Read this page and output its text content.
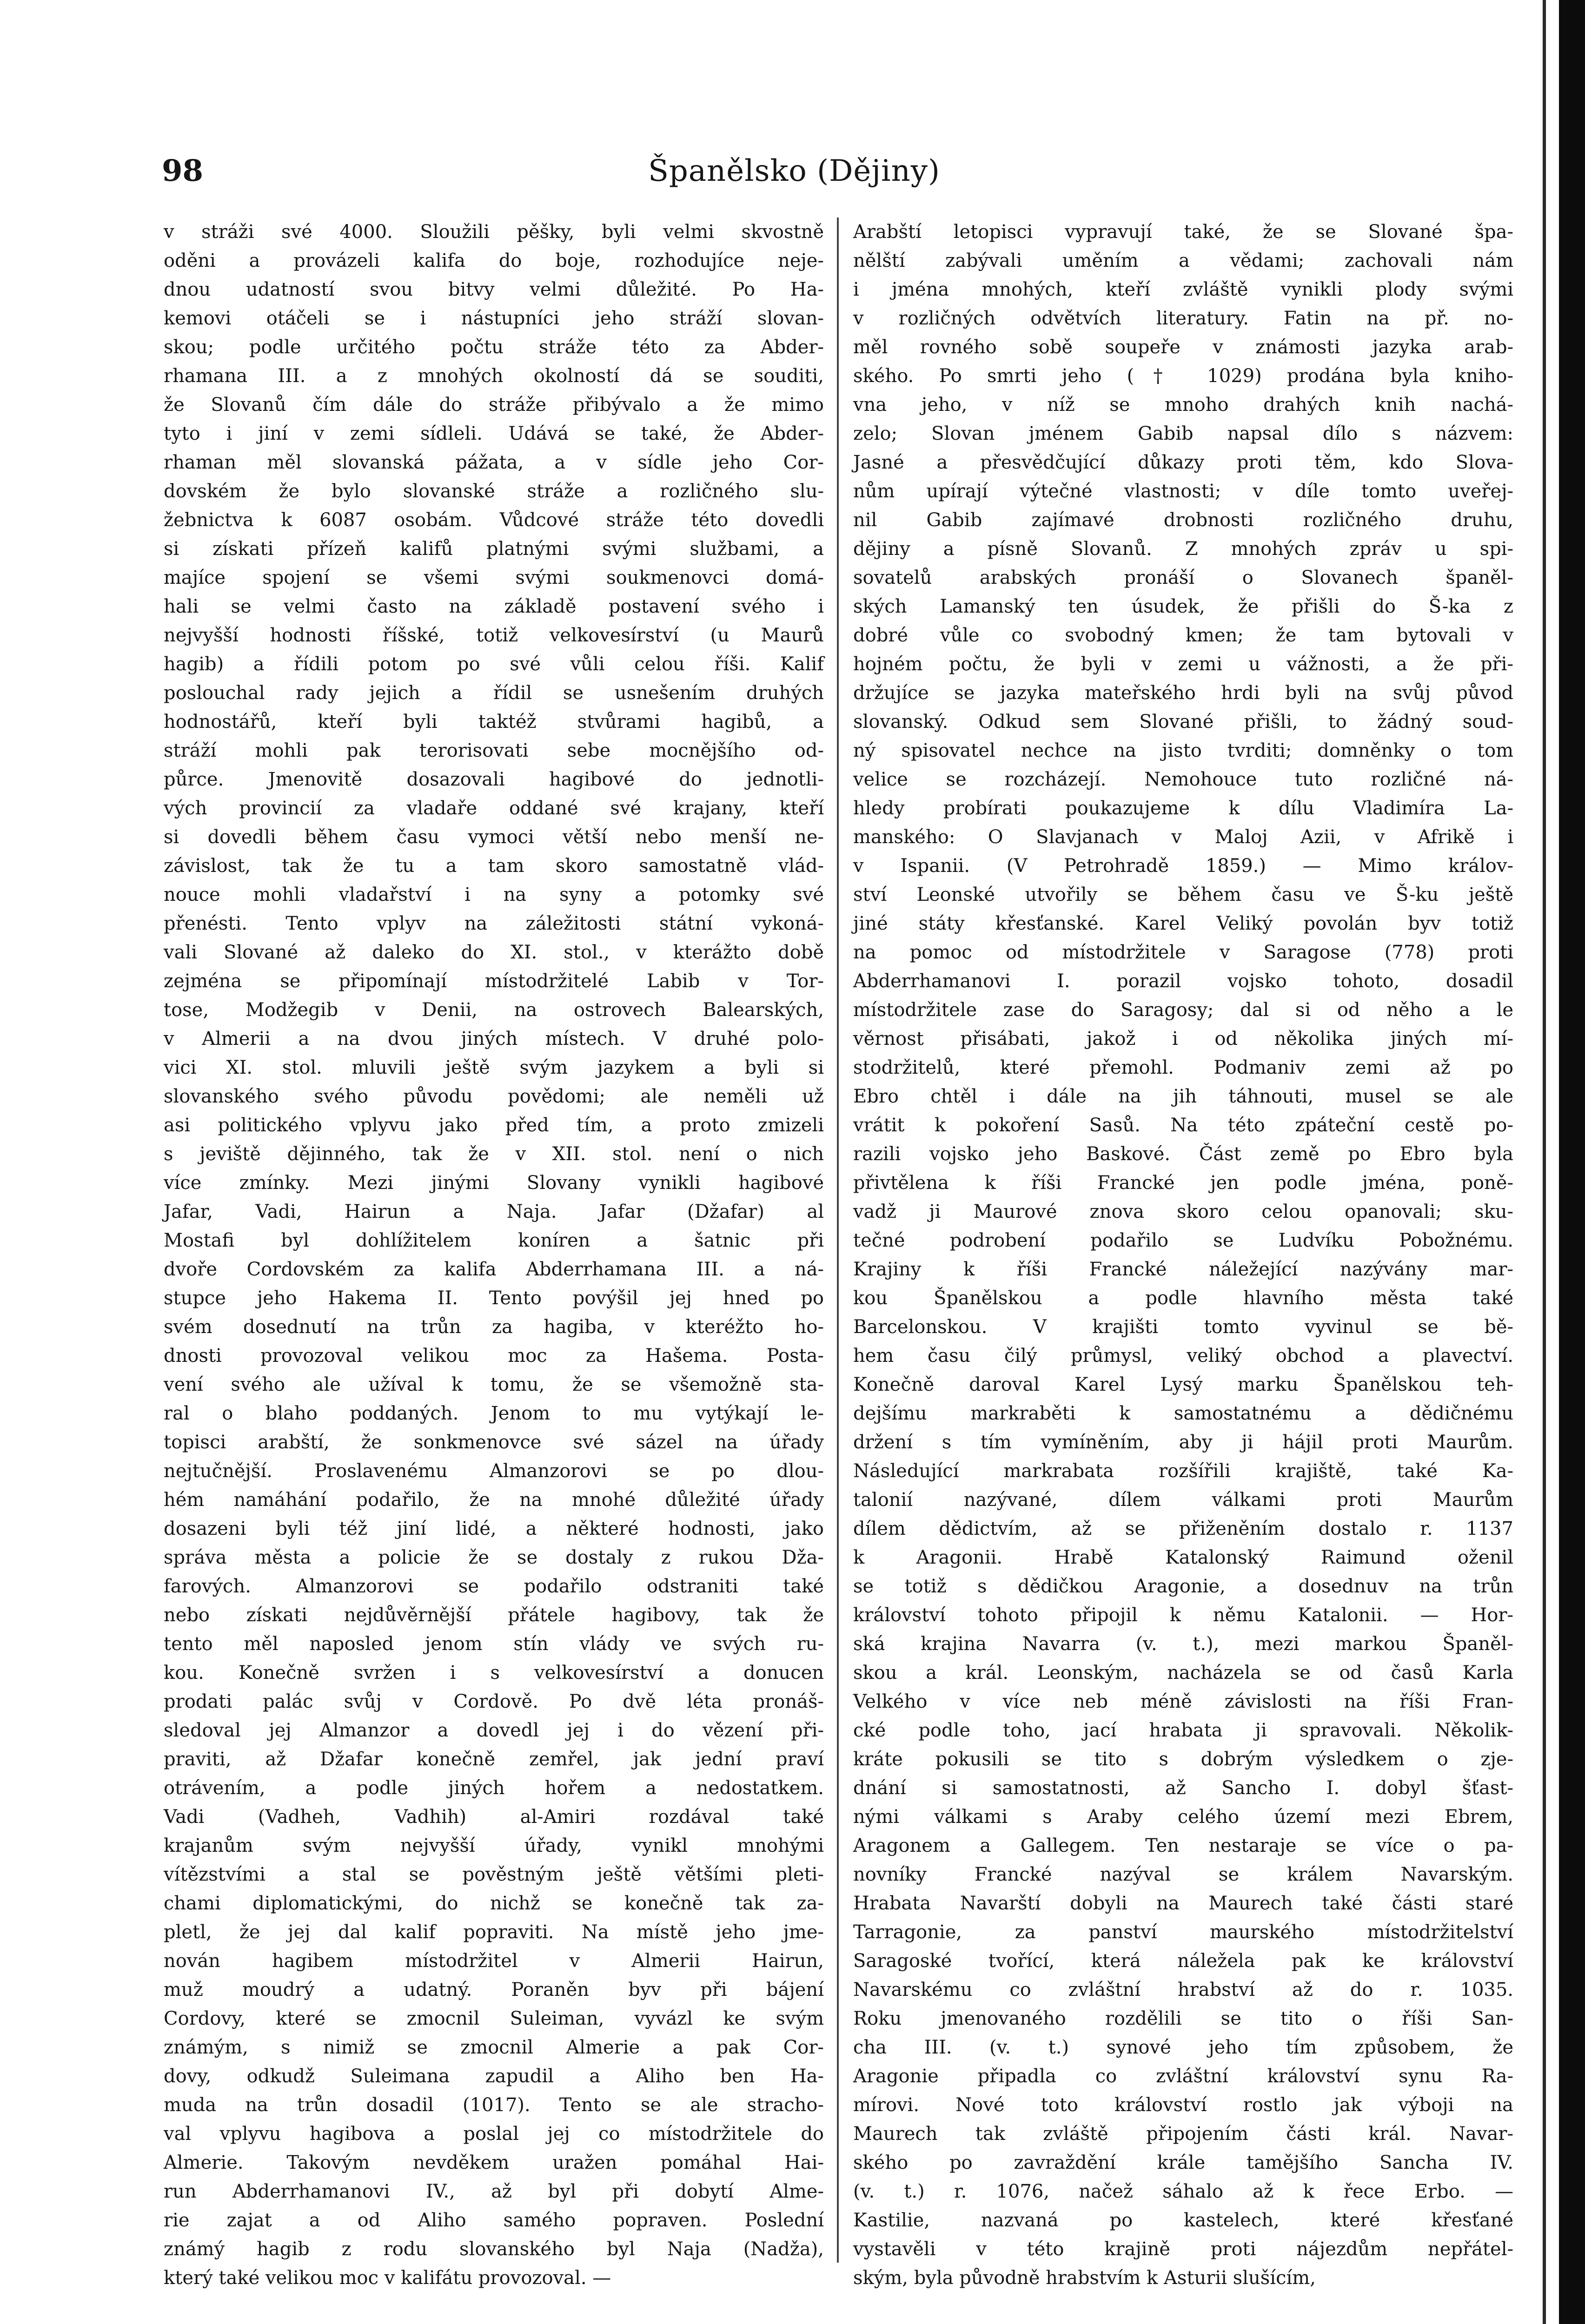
Španělsko (Dějiny)
98
v stráži své 4000. Sloužili pěšky, byli velmi skvostně
oděni a provázeli kalifa do boje, rozhodujíce neje-
dnou udatností svou bitvy velmi důležité. Po Ha-
kemovi otáčeli se i nástupníci jeho stráží slovan-
skou; podle určitého počtu stráže této za Abder-
rhamana III. a z mnohých okolností dá se souditi,
že Slovanů čím dále do stráže přibývalo a že mimo
tyto i jiní v zemi sídleli. Udává se také, že Abder-
rhaman měl slovanská pážata, a v sídle jeho Cor-
dovském že bylo slovanské stráže a rozličného slu-
žebnictva k 6087 osobám. Vůdcové stráže této dovedli
si získati přízeň kalifů platnými svými službami, a
majíce spojení se všemi svými soukmenovci domá-
hali se velmi často na základě postavení svého i
nejvyšší hodnosti říšské, totiž velkovesírství (u Maurů
hagib) a řídili potom po své vůli celou říši. Kalif
poslouchal rady jejich a řídil se usnešením druhých
hodnostářů, kteří byli taktéž stvůrami hagibů, a
stráží mohli pak terorisovati sebe mocnějšího od-
půrce. Jmenovitě dosazovali hagibové do jednotli-
vých provincií za vladaře oddané své krajany, kteří
si dovedli během času vymoci větší nebo menší ne-
závislost, tak že tu a tam skoro samostatně vlád-
nouce mohli vladařství i na syny a potomky své
přenésti. Tento vplyv na záležitosti státní vykoná-
vali Slované až daleko do XI. stol., v kterážto době
zejména se připomínají místodržitelé Labib v Tor-
tose, Modžegib v Denii, na ostrovech Balearských,
v Almerii a na dvou jiných místech. V druhé polo-
vici XI. stol. mluvili ještě svým jazykem a byli si
slovanského svého původu povědomi; ale neměli už
asi politického vplyvu jako před tím, a proto zmizeli
s jeviště dějinného, tak že v XII. stol. není o nich
více zmínky. Mezi jinými Slovany vynikli hagibové
Jafar, Vadi, Hairun a Naja. Jafar (Džafar) al
Mostafi byl dohlížitelem koníren a šatnic při
dvoře Cordovském za kalifa Abderrhamana III. a ná-
stupce jeho Hakema II. Tento povýšil jej hned po
svém dosednutí na trůn za hagiba, v kteréžto ho-
dnosti provozoval velikou moc za Hašema. Posta-
vení svého ale užíval k tomu, že se všemožně sta-
ral o blaho poddaných. Jenom to mu vytýkají le-
topisci arabští, že sonkmenovce své sázel na úřady
nejtučnější. Proslavenému Almanzorovi se po dlou-
hém namáhání podařilo, že na mnohé důležité úřady
dosazeni byli též jiní lidé, a některé hodnosti, jako
správa města a policie že se dostaly z rukou Dža-
farových. Almanzorovi se podařilo odstraniti také
nebo získati nejdůvěrnější přátele hagibovy, tak že
tento měl naposled jenom stín vlády ve svých ru-
kou. Konečně svržen i s velkovesírství a donucen
prodati palác svůj v Cordově. Po dvě léta pronáš-
sledoval jej Almanzor a dovedl jej i do vězení při-
praviti, až Džafar konečně zemřel, jak jední praví
otrávením, a podle jiných hořem a nedostatkem.
Vadi (Vadheh, Vadhih) al-Amiri rozdával také
krajanům svým nejvyšší úřady, vynikl mnohými
vítězstvími a stal se pověstným ještě většími pleti-
chami diplomatickými, do nichž se konečně tak za-
pletl, že jej dal kalif popraviti. Na místě jeho jme-
nován hagibem místodržitel v Almerii Hairun,
muž moudrý a udatný. Poraněn byv při bájení
Cordovy, které se zmocnil Suleiman, vyvázl ke svým
známým, s nimiž se zmocnil Almerie a pak Cor-
dovy, odkudž Suleimana zapudil a Aliho ben Ha-
muda na trůn dosadil (1017). Tento se ale stracho-
val vplyvu hagibova a poslal jej co místodržitele do
Almerie. Takovým nevděkem uražen pomáhal Hai-
run Abderrhamanovi IV., až byl při dobytí Alme-
rie zajat a od Aliho samého popraven. Poslední
známý hagib z rodu slovanského byl Naja (Nadža),
který také velikou moc v kalifátu provozoval. —
Arabští letopisci vypravují také, že se Slované špa-
nělští zabývali uměním a vědami; zachovali nám
i jména mnohých, kteří zvláště vynikli plody svými
v rozličných odvětvích literatury. Fatin na př. no-
měl rovného sobě soupeře v známosti jazyka arab-
ského. Po smrti jeho († 1029) prodána byla kniho-
vna jeho, v níž se mnoho drahých knih nachá-
zelo; Slovan jménem Gabib napsal dílo s názvem:
Jasné a přesvědčující důkazy proti těm, kdo Slova-
nům upírají výtečné vlastnosti; v díle tomto uveřej-
nil Gabib zajímavé drobnosti rozličného druhu,
dějiny a písně Slovanů. Z mnohých zpráv u spi-
sovatelů arabských pronáší o Slovanech španěl-
ských Lamanský ten úsudek, že přišli do Š-ka z
dobré vůle co svobodný kmen; že tam bytovali v
hojném počtu, že byli v zemi u vážnosti, a že při-
držujíce se jazyka mateřského hrdi byli na svůj původ
slovanský. Odkud sem Slované přišli, to žádný soud-
ný spisovatel nechce na jisto tvrditi; domněnky o tom
velice se rozcházejí. Nemohouce tuto rozličné ná-
hledy probírati poukazujeme k dílu Vladimíra La-
manského: O Slavjanach v Maloj Azii, v Afrikě i
v Ispanii. (V Petrohradě 1859.) — Mimo králov-
ství Leonské utvořily se během času ve Š-ku ještě
jiné státy křesťanské. Karel Veliký povolán byv totiž
na pomoc od místodržitele v Saragose (778) proti
Abderrhamanovi I. porazil vojsko tohoto, dosadil
místodržitele zase do Saragosy; dal si od něho a le
věrnost přisábati, jakož i od několika jiných mí-
stodržitelů, které přemohl. Podmaniv zemi až po
Ebro chtěl i dále na jih táhnouti, musel se ale
vrátit k pokoření Sasů. Na této zpáteční cestě po-
razili vojsko jeho Baskové. Část země po Ebro byla
přivtělena k říši Francké jen podle jména, poně-
vadž ji Maurové znova skoro celou opanovali; sku-
tečné podrobení podařilo se Ludvíku Pobožnému.
Krajiny k říši Francké náležející nazývány mar-
kou Španělskou a podle hlavního města také
Barcelonskou. V krajišti tomto vyvinul se bě-
hem času čilý průmysl, veliký obchod a plavectví.
Konečně daroval Karel Lysý marku Španělskou teh-
dejšímu markraběti k samostatnému a dědičnému
držení s tím vymíněním, aby ji hájil proti Maurům.
Následující markrabata rozšířili krajiště, také Ka-
talonií nazývané, dílem válkami proti Maurům
dílem dědictvím, až se přiženěním dostalo r. 1137
k Aragonii. Hrabě Katalonský Raimund oženil
se totiž s dědičkou Aragonie, a dosednuv na trůn
království tohoto připojil k němu Katalonii. — Hor-
ská krajina Navarra (v. t.), mezi markou Španěl-
skou a král. Leonským, nacházela se od časů Karla
Velkého v více neb méně závislosti na říši Fran-
cké podle toho, jací hrabata ji spravovali. Několik-
kráte pokusili se tito s dobrým výsledkem o zje-
dnání si samostatnosti, až Sancho I. dobyl šťast-
nými válkami s Araby celého území mezi Ebrem,
Aragonem a Gallegem. Ten nestaraje se více o pa-
novníky Francké nazýval se králem Navarským.
Hrabata Navarští dobyli na Maurech také části staré
Tarragonie, za panství maurského místodržitelství
Saragoské tvořící, která náležela pak ke království
Navarskému co zvláštní hrabství až do r. 1035.
Roku jmenovaného rozdělili se tito o říši San-
cha III. (v. t.) synové jeho tím způsobem, že
Aragonie připadla co zvláštní království synu Ra-
mírovi. Nové toto království rostlo jak výboji na
Maurech tak zvláště připojením části král. Navar-
ského po zavraždění krále tamějšího Sancha IV.
(v. t.) r. 1076, načež sáhalo až k řece Erbo. —
Kastilie, nazvaná po kastelech, které křesťané
vystavěli v této krajině proti nájezdům nepřátel-
ským, byla původně hrabstvím k Asturii slušícím,
